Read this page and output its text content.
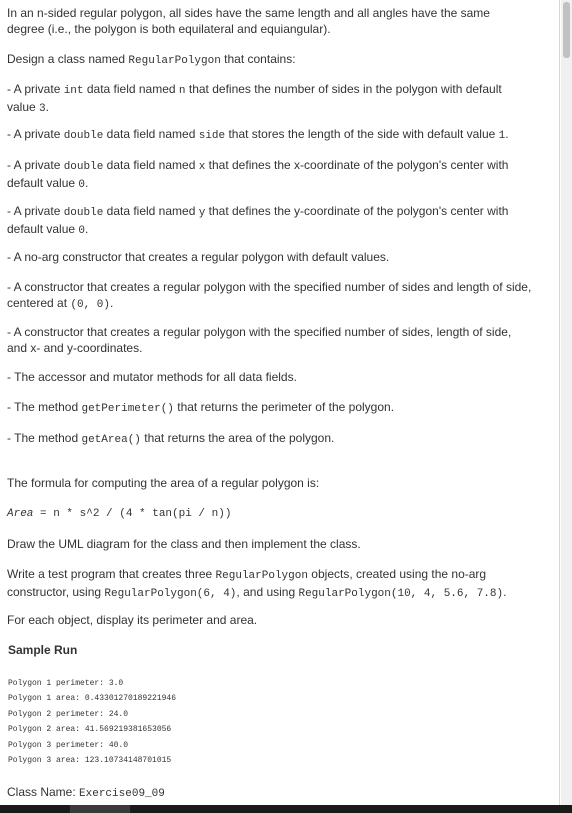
In an n-sided regular polygon, all sides have the same length and all angles have the same degree (i.e., the polygon is both equilateral and equiangular).

Design a class named RegularPolygon that contains:

- A private int data field named n that defines the number of sides in the polygon with default value 3.

- A private double data field named side that stores the length of the side with default value 1.

- A private double data field named x that defines the x-coordinate of the polygon's center with default value 0.

- A private double data field named y that defines the y-coordinate of the polygon's center with default value 0.

- A no-arg constructor that creates a regular polygon with default values.

- A constructor that creates a regular polygon with the specified number of sides and length of side, centered at (0, 0).

- A constructor that creates a regular polygon with the specified number of sides, length of side, and x- and y-coordinates.

- The accessor and mutator methods for all data fields.

- The method getPerimeter() that returns the perimeter of the polygon.

- The method getArea() that returns the area of the polygon.

The formula for computing the area of a regular polygon is:

Area = n * s^2 / (4 * tan(pi / n))

Draw the UML diagram for the class and then implement the class.

Write a test program that creates three RegularPolygon objects, created using the no-arg constructor, using RegularPolygon(6, 4), and using RegularPolygon(10, 4, 5.6, 7.8).

For each object, display its perimeter and area.

Sample Run
Polygon 1 perimeter: 3.0
Polygon 1 area: 0.43301270189221946
Polygon 2 perimeter: 24.0
Polygon 2 area: 41.569219381653056
Polygon 3 perimeter: 40.0
Polygon 3 area: 123.10734148701015

Class Name: Exercise09_09
